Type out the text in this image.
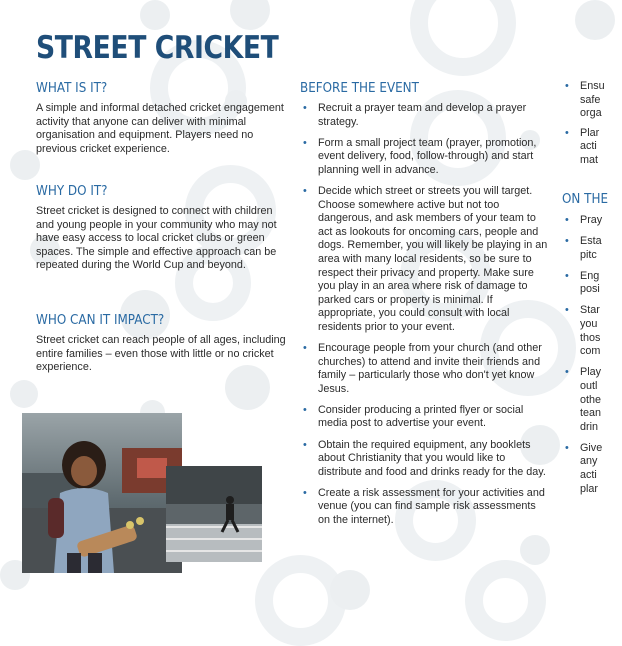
STREET CRICKET
WHAT IS IT?

A simple and informal detached cricket engagement activity that anyone can deliver with minimal organisation and equipment. Players need no previous cricket experience.

WHY DO IT?

Street cricket is designed to connect with children and young people in your community who may not have easy access to local cricket clubs or green spaces. The simple and effective approach can be repeated during the World Cup and beyond.

WHO CAN IT IMPACT?

Street cricket can reach people of all ages, including entire families – even those with little or no cricket experience.

BEFORE THE EVENT
• Recruit a prayer team and develop a prayer strategy.
• Form a small project team (prayer, promotion, event delivery, food, follow-through) and start planning well in advance.
• Decide which street or streets you will target. Choose somewhere active but not too dangerous, and ask members of your team to act as lookouts for oncoming cars, people and dogs. Remember, you will likely be playing in an area with many local residents, so be sure to respect their privacy and property. Make sure you play in an area where risk of damage to parked cars or property is minimal. If appropriate, you could consult with local residents prior to your event.
• Encourage people from your church (and other churches) to attend and invite their friends and family – particularly those who don't yet know Jesus.
• Consider producing a printed flyer or social media post to advertise your event.
• Obtain the required equipment, any booklets about Christianity that you would like to distribute and food and drinks ready for the day.
• Create a risk assessment for your activities and venue (you can find sample risk assessments on the internet).
• Ensu
safe
orga
• Plar
acti
mat
ON THE
• Pray
• Esta
pitc
• Eng
posi
• Star
you
thos
com
• Play
outl
othe
tean
drin
• Give
any
acti
plar
